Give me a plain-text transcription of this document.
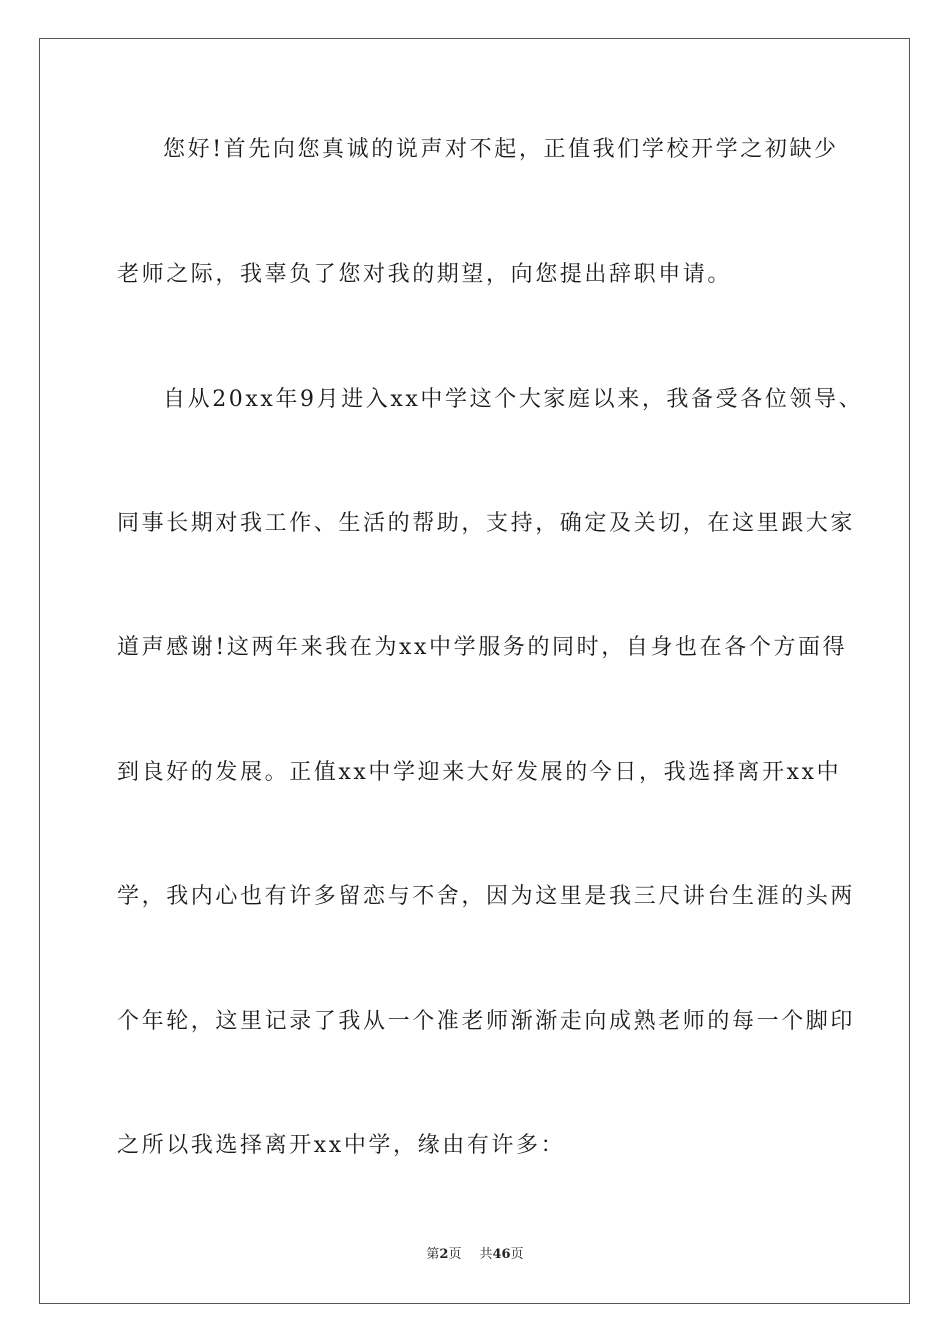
您好!首先向您真诚的说声对不起，正值我们学校开学之初缺少
老师之际，我辜负了您对我的期望，向您提出辞职申请。
自从20xx年9月进入xx中学这个大家庭以来，我备受各位领导、
同事长期对我工作、生活的帮助，支持，确定及关切，在这里跟大家
道声感谢!这两年来我在为xx中学服务的同时，自身也在各个方面得
到良好的发展。正值xx中学迎来大好发展的今日，我选择离开xx中
学，我内心也有许多留恋与不舍，因为这里是我三尺讲台生涯的头两
个年轮，这里记录了我从一个准老师渐渐走向成熟老师的每一个脚印
之所以我选择离开xx中学，缘由有许多：
第2页 共46页
